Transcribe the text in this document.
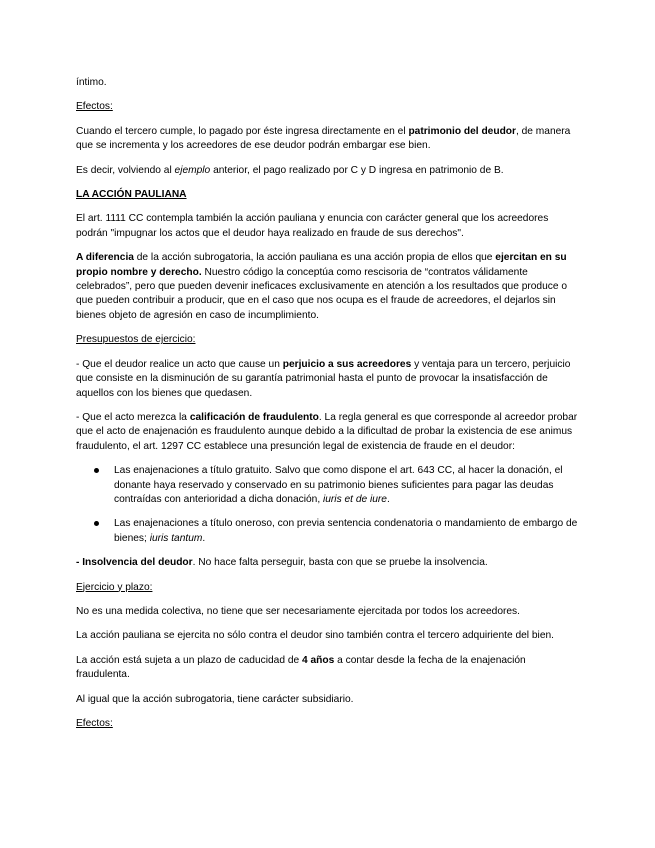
íntimo.

Efectos:

Cuando el tercero cumple, lo pagado por éste ingresa directamente en el patrimonio del deudor, de manera que se incrementa y los acreedores de ese deudor podrán embargar ese bien.

Es decir, volviendo al ejemplo anterior, el pago realizado por C y D ingresa en patrimonio de B.

LA ACCIÓN PAULIANA

El art. 1111 CC contempla también la acción pauliana y enuncia con carácter general que los acreedores podrán "impugnar los actos que el deudor haya realizado en fraude de sus derechos".

A diferencia de la acción subrogatoria, la acción pauliana es una acción propia de ellos que ejercitan en su propio nombre y derecho. Nuestro código la conceptúa como rescisoria de “contratos válidamente celebrados”, pero que pueden devenir ineficaces exclusivamente en atención a los resultados que produce o que pueden contribuir a producir, que en el caso que nos ocupa es el fraude de acreedores, el dejarlos sin bienes objeto de agresión en caso de incumplimiento.

Presupuestos de ejercicio:

- Que el deudor realice un acto que cause un perjuicio a sus acreedores y ventaja para un tercero, perjuicio que consiste en la disminución de su garantía patrimonial hasta el punto de provocar la insatisfacción de aquellos con los bienes que quedasen.

- Que el acto merezca la calificación de fraudulento. La regla general es que corresponde al acreedor probar que el acto de enajenación es fraudulento aunque debido a la dificultad de probar la existencia de ese animus fraudulento, el art. 1297 CC establece una presunción legal de existencia de fraude en el deudor:

Las enajenaciones a título gratuito. Salvo que como dispone el art. 643 CC, al hacer la donación, el donante haya reservado y conservado en su patrimonio bienes suficientes para pagar las deudas contraídas con anterioridad a dicha donación, iuris et de iure.
Las enajenaciones a título oneroso, con previa sentencia condenatoria o mandamiento de embargo de bienes; iuris tantum.

- Insolvencia del deudor. No hace falta perseguir, basta con que se pruebe la insolvencia.

Ejercicio y plazo:

No es una medida colectiva, no tiene que ser necesariamente ejercitada por todos los acreedores.

La acción pauliana se ejercita no sólo contra el deudor sino también contra el tercero adquiriente del bien.

La acción está sujeta a un plazo de caducidad de 4 años a contar desde la fecha de la enajenación fraudulenta.

Al igual que la acción subrogatoria, tiene carácter subsidiario.

Efectos:
